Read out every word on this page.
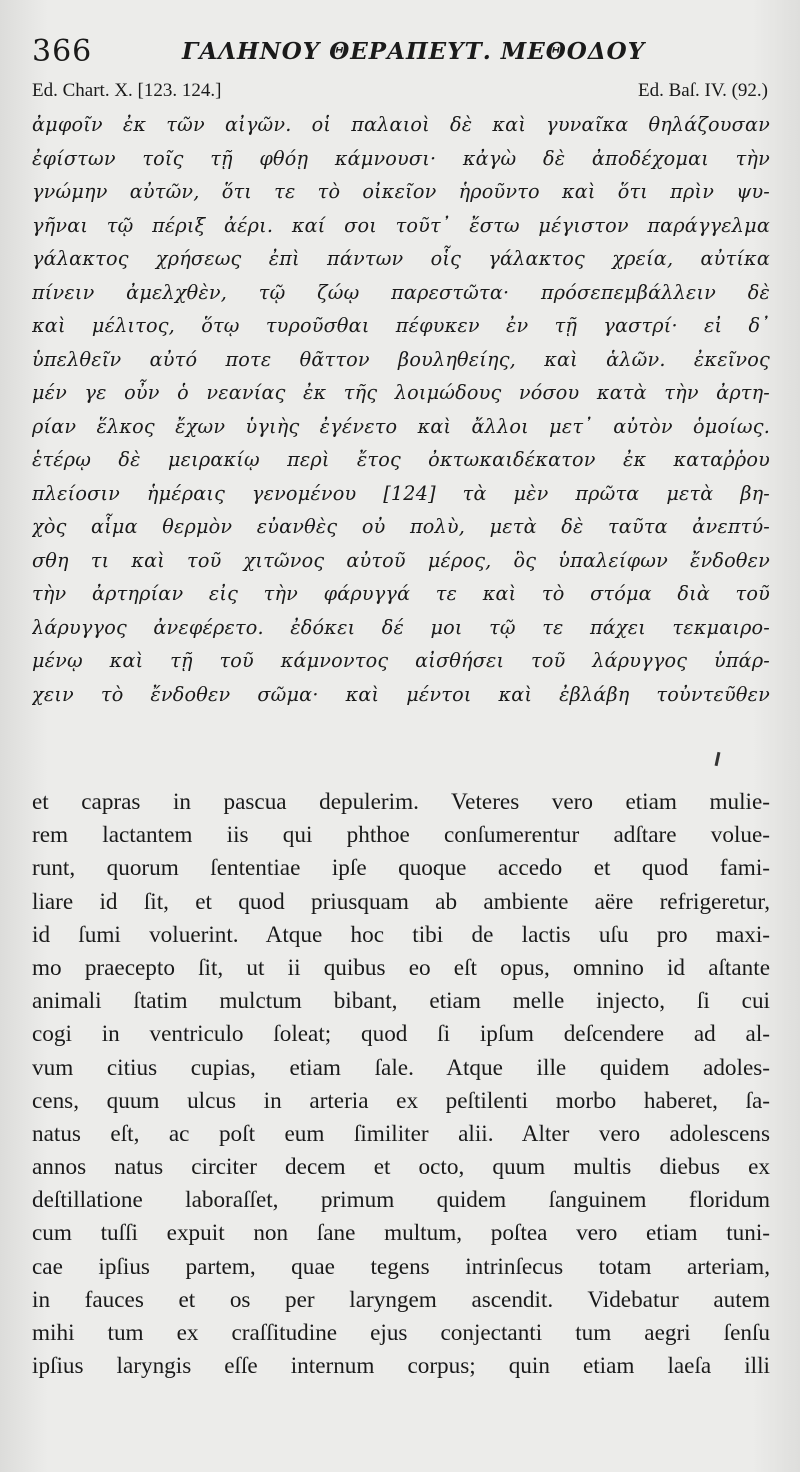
366	ΓΑΛΗΝΟΥ ΘΕΡΑΠΕΥΤ. ΜΕΘΟΔΟΥ
Ed. Chart. X. [123. 124.]	Ed. Baſ. IV. (92.)
ἀμφοῖν ἐκ τῶν αἰγῶν. οἱ παλαιοὶ δὲ καὶ γυναῖκα θηλάζουσαν
ἐφίστων τοῖς τῇ φθόῃ κάμνουσι· κἀγὼ δὲ ἀποδέχομαι τὴν
γνώμην αὐτῶν, ὅτι τε τὸ οἰκεῖον ἡροῦντο καὶ ὅτι πρὶν ψυ-
γῆναι τῷ πέριξ ἀέρι. καί σοι τοῦτ᾽ ἔστω μέγιστον παράγγελμα
γάλακτος χρήσεως ἐπὶ πάντων οἷς γάλακτος χρεία, αὐτίκα
πίνειν ἀμελχθὲν, τῷ ζώῳ παρεστῶτα· πρόσεπεμβάλλειν δὲ
καὶ μέλιτος, ὅτῳ τυροῦσθαι πέφυκεν ἐν τῇ γαστρί· εἰ δ᾽
ὑπελθεῖν αὐτό ποτε θᾶττον βουληθείης, καὶ ἁλῶν. ἐκεῖνος
μέν γε οὖν ὁ νεανίας ἐκ τῆς λοιμώδους νόσου κατὰ τὴν ἀρτη-
ρίαν ἕλκος ἔχων ὑγιὴς ἐγένετο καὶ ἄλλοι μετ᾽ αὐτὸν ὁμοίως.
ἑτέρῳ δὲ μειρακίῳ περὶ ἔτος ὀκτωκαιδέκατον ἐκ καταῤῥου
πλείοσιν ἡμέραις γενομένου [124] τὰ μὲν πρῶτα μετὰ βη-
χὸς αἷμα θερμὸν εὐανθὲς οὐ πολὺ, μετὰ δὲ ταῦτα ἀνεπτύ-
σθη τι καὶ τοῦ χιτῶνος αὐτοῦ μέρος, ὃς ὑπαλείφων ἔνδοθεν
τὴν ἀρτηρίαν εἰς τὴν φάρυγγά τε καὶ τὸ στόμα διὰ τοῦ
λάρυγγος ἀνεφέρετο. ἐδόκει δέ μοι τῷ τε πάχει τεκμαιρο-
μένῳ καὶ τῇ τοῦ κάμνοντος αἰσθήσει τοῦ λάρυγγος ὑπάρ-
χειν τὸ ἔνδοθεν σῶμα· καὶ μέντοι καὶ ἐβλάβη τοὐντεῦθεν
et capras in pascua depulerim. Veteres vero etiam mulie-
rem lactantem iis qui phthoe conſumerentur adſtare volue-
runt, quorum ſententiae ipſe quoque accedo et quod fami-
liare id ſit, et quod priusquam ab ambiente aëre refrigeretur,
id ſumi voluerint. Atque hoc tibi de lactis uſu pro maxi-
mo praecepto ſit, ut ii quibus eo eſt opus, omnino id aſtante
animali ſtatim mulctum bibant, etiam melle injecto, ſi cui
cogi in ventriculo ſoleat; quod ſi ipſum deſcendere ad al-
vum citius cupias, etiam ſale. Atque ille quidem adoles-
cens, quum ulcus in arteria ex peſtilenti morbo haberet, ſa-
natus eſt, ac poſt eum ſimiliter alii. Alter vero adolescens
annos natus circiter decem et octo, quum multis diebus ex
deſtillatione laboraſſet, primum quidem ſanguinem floridum
cum tuſſi expuit non ſane multum, poſtea vero etiam tuni-
cae ipſius partem, quae tegens intrinſecus totam arteriam,
in fauces et os per laryngem ascendit. Videbatur autem
mihi tum ex craſſitudine ejus conjectanti tum aegri ſenſu
ipſius laryngis eſſe internum corpus; quin etiam laeſa illi
